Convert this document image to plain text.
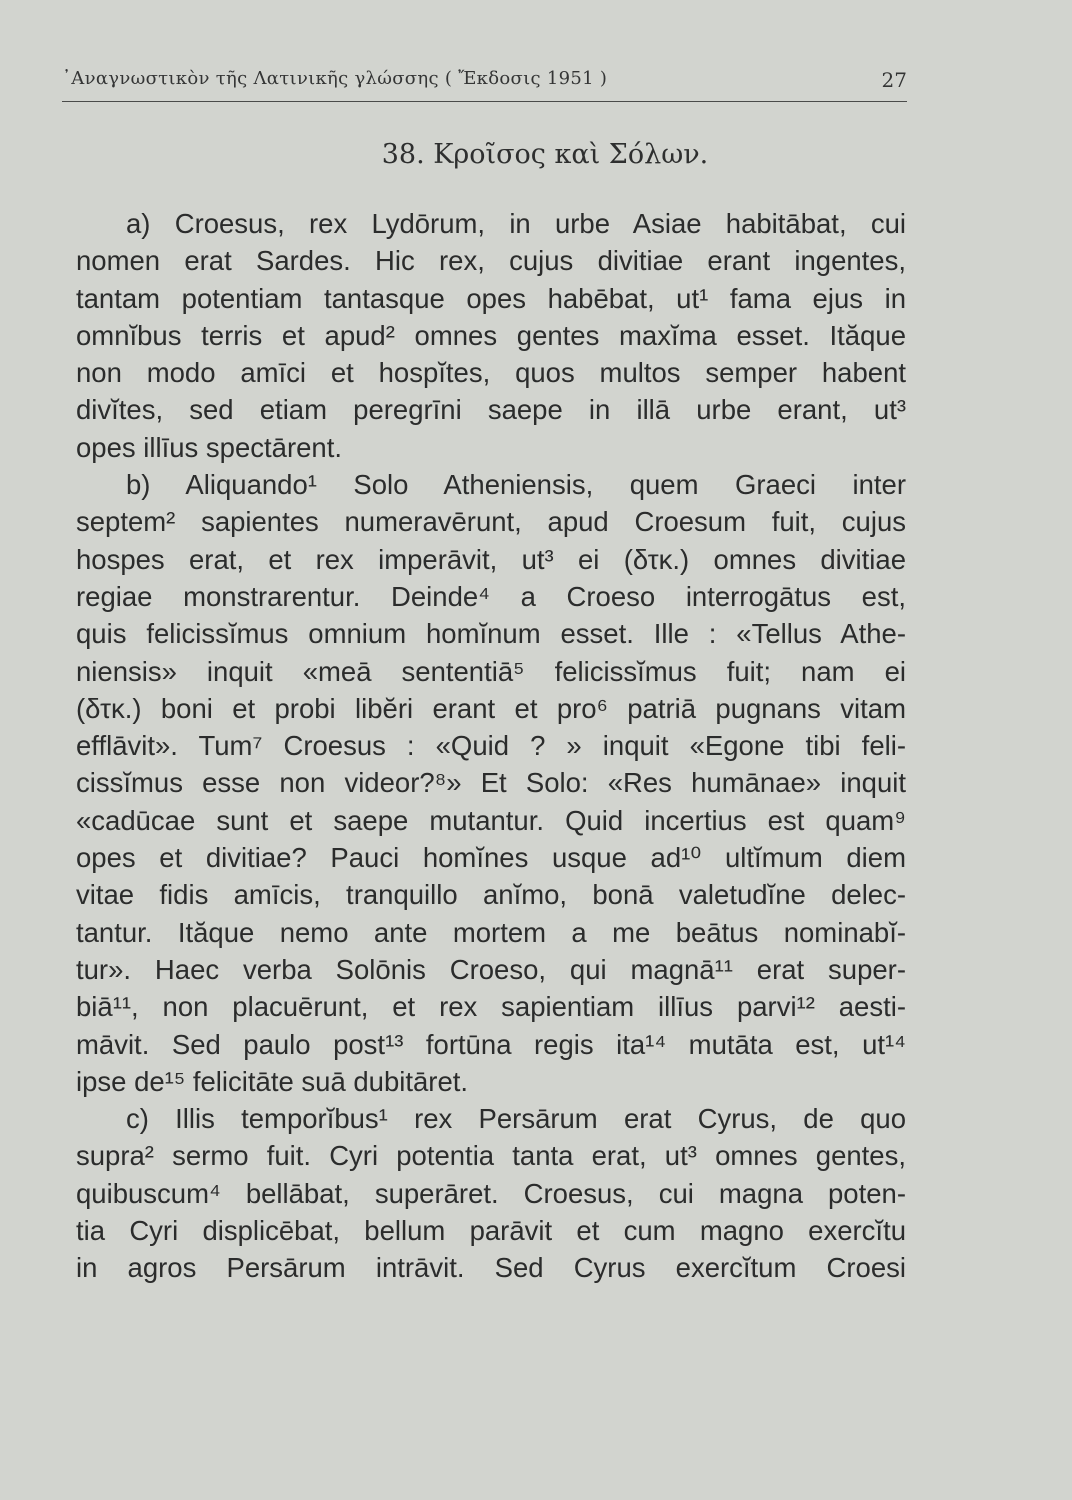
᾿Αναγνωστικὸν τῆς Λατινικῆς γλώσσης ( Ἔκδοσις 1951 )	27
38. Κροῖσος καὶ Σόλων.
a) Croesus, rex Lydōrum, in urbe Asiae habitābat, cui
nomen erat Sardes. Hic rex, cujus divitiae erant ingentes,
tantam potentiam tantasque opes habēbat, ut¹ fama ejus in
omnĭbus terris et apud² omnes gentes maxĭma esset. Ităque
non modo amīci et hospĭtes, quos multos semper habent
divĭtes, sed etiam peregrīni saepe in illā urbe erant, ut³
opes illīus spectārent.
b) Aliquando¹ Solo Atheniensis, quem Graeci inter
septem² sapientes numeravērunt, apud Croesum fuit, cujus
hospes erat, et rex imperāvit, ut³ ei (δτκ.) omnes divitiae
regiae monstrarentur. Deinde⁴ a Croeso interrogātus est,
quis felicissĭmus omnium homĭnum esset. Ille : «Tellus Athe-
niensis» inquit «meā sententiā⁵ felicissĭmus fuit; nam ei
(δτκ.) boni et probi libĕri erant et pro⁶ patriā pugnans vitam
efflāvit». Tum⁷ Croesus : «Quid ? » inquit «Egone tibi feli-
cissĭmus esse non videor?⁸» Et Solo: «Res humānae» inquit
«cadūcae sunt et saepe mutantur. Quid incertius est quam⁹
opes et divitiae? Pauci homĭnes usque ad¹⁰ ultĭmum diem
vitae fidis amīcis, tranquillo anĭmo, bonā valetudĭne delec-
tantur. Ităque nemo ante mortem a me beātus nominabĭ-
tur». Haec verba Solōnis Croeso, qui magnā¹¹ erat super-
biā¹¹, non placuērunt, et rex sapientiam illīus parvi¹² aesti-
māvit. Sed paulo post¹³ fortūna regis ita¹⁴ mutāta est, ut¹⁴
ipse de¹⁵ felicitāte suā dubitāret.
c) Illis temporĭbus¹ rex Persārum erat Cyrus, de quo
supra² sermo fuit. Cyri potentia tanta erat, ut³ omnes gentes,
quibuscum⁴ bellābat, superāret. Croesus, cui magna poten-
tia Cyri displicēbat, bellum parāvit et cum magno exercĭtu
in agros Persārum intrāvit. Sed Cyrus exercĭtum Croesi
